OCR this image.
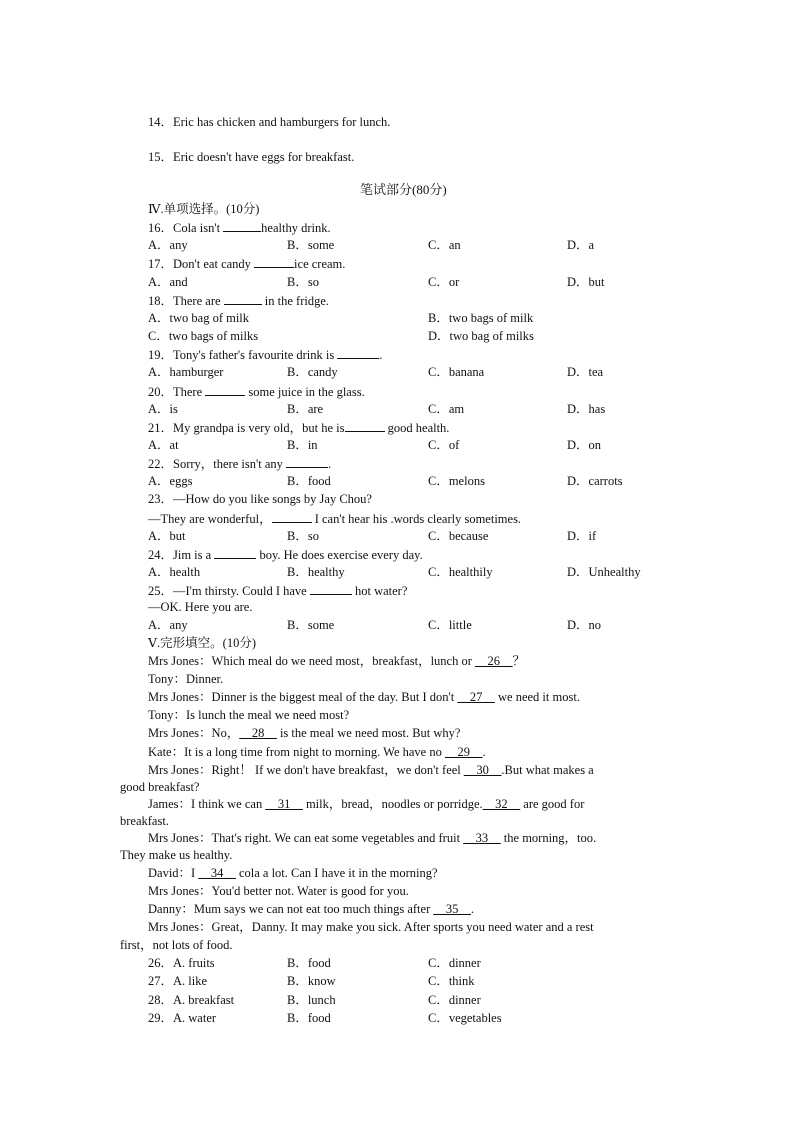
14．Eric has chicken and hamburgers for lunch.
15．Eric doesn't have eggs for breakfast.
笔试部分(80分)
Ⅳ.单项选择。(10分)
16．Cola isn't	healthy drink.
A．any	B．some	C．an	D．a
17．Don't eat candy	ice cream.
A．and	B．so	C．or	D．but
18．There are	in the fridge.
A．two bag of milk	B．two bags of milk
C．two bags of milks	D．two bag of milks
19．Tony's father's favourite drink is	.
A．hamburger	B．candy	C．banana	D．tea
20．There	some juice in the glass.
A．is	B．are	C．am	D．has
21．My grandpa is very old，but he is	good health.
A．at	B．in	C．of	D．on
22．Sorry，there isn't any	.
A．eggs	B．food	C．melons	D．carrots
23．—How do you like songs by Jay Chou?
—They are wonderful，	I can't hear his .words clearly sometimes.
A．but	B．so	C．because	D．if
24．Jim is a	boy. He does exercise every day.
A．health	B．healthy	C．healthily	D．Unhealthy
25．—I'm thirsty. Could I have	hot water?
—OK. Here you are.
A．any	B．some	C．little	D．no
Ⅴ.完形填空。(10分)
Mrs Jones：Which meal do we need most，breakfast，lunch or __26__？
Tony：Dinner.
Mrs Jones：Dinner is the biggest meal of the day. But I don't __27__ we need it most.
Tony：Is lunch the meal we need most?
Mrs Jones：No，__28__ is the meal we need most. But why?
Kate：It is a long time from night to morning. We have no __29__.
Mrs Jones：Right！ If we don't have breakfast，we don't feel __30__.But what makes a
good breakfast?
James：I think we can __31__ milk，bread，noodles or porridge.__32__ are good for
breakfast.
Mrs Jones：That's right. We can eat some vegetables and fruit __33__ the morning，too.
They make us healthy.
David：I __34__ cola a lot. Can I have it in the morning?
Mrs Jones：You'd better not. Water is good for you.
Danny：Mum says we can not eat too much things after __35__.
Mrs Jones：Great，Danny. It may make you sick. After sports you need water and a rest
first，not lots of food.
26．A. fruits	B．food	C．dinner
27．A. like	B．know	C．think
28．A. breakfast	B．lunch	C．dinner
29．A. water	B．food	C．vegetables
